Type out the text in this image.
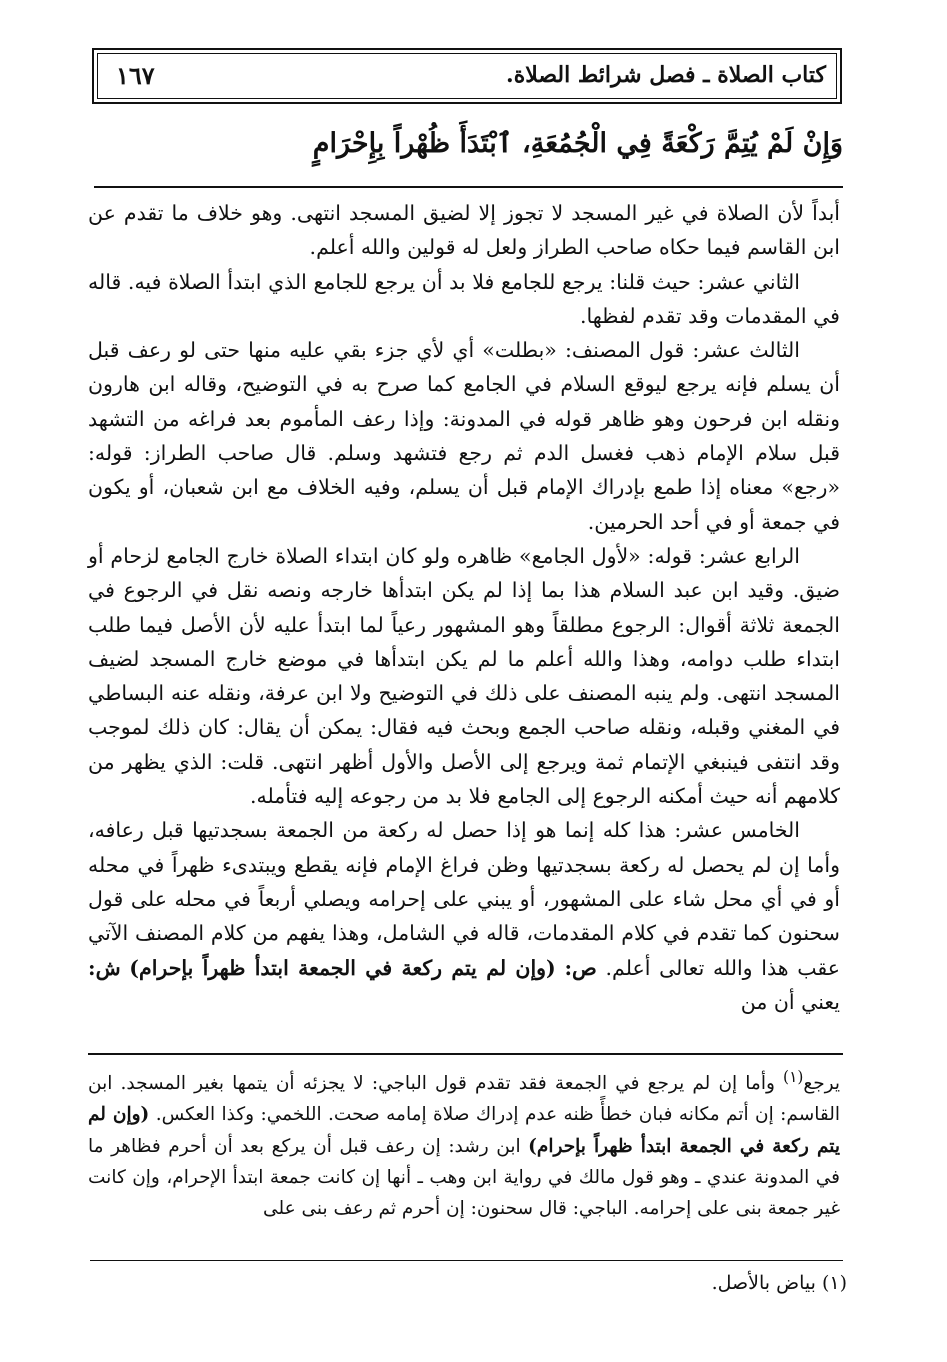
كتاب الصلاة ـ فصل شرائط الصلاة.
١٦٧
وَإِنْ لَمْ يُتِمَّ رَكْعَةً فِي الْجُمُعَةِ، ٱبْتَدَأَ ظُهْراً بِإِحْرَامٍ

أبداً لأن الصلاة في غير المسجد لا تجوز إلا لضيق المسجد انتهى. وهو خلاف ما تقدم عن ابن القاسم فيما حكاه صاحب الطراز ولعل له قولين والله أعلم.

الثاني عشر: حيث قلنا: يرجع للجامع فلا بد أن يرجع للجامع الذي ابتدأ الصلاة فيه. قاله في المقدمات وقد تقدم لفظها.

الثالث عشر: قول المصنف: «بطلت» أي لأي جزء بقي عليه منها حتى لو رعف قبل أن يسلم فإنه يرجع ليوقع السلام في الجامع كما صرح به في التوضيح، وقاله ابن هارون ونقله ابن فرحون وهو ظاهر قوله في المدونة: وإذا رعف المأموم بعد فراغه من التشهد قبل سلام الإمام ذهب فغسل الدم ثم رجع فتشهد وسلم. قال صاحب الطراز: قوله: «رجع» معناه إذا طمع بإدراك الإمام قبل أن يسلم، وفيه الخلاف مع ابن شعبان، أو يكون في جمعة أو في أحد الحرمين.

الرابع عشر: قوله: «لأول الجامع» ظاهره ولو كان ابتداء الصلاة خارج الجامع لزحام أو ضيق. وقيد ابن عبد السلام هذا بما إذا لم يكن ابتدأها خارجه ونصه نقل في الرجوع في الجمعة ثلاثة أقوال: الرجوع مطلقاً وهو المشهور رعياً لما ابتدأ عليه لأن الأصل فيما طلب ابتداء طلب دوامه، وهذا والله أعلم ما لم يكن ابتدأها في موضع خارج المسجد لضيف المسجد انتهى. ولم ينبه المصنف على ذلك في التوضيح ولا ابن عرفة، ونقله عنه البساطي في المغني وقبله، ونقله صاحب الجمع وبحث فيه فقال: يمكن أن يقال: كان ذلك لموجب وقد انتفى فينبغي الإتمام ثمة ويرجع إلى الأصل والأول أظهر انتهى. قلت: الذي يظهر من كلامهم أنه حيث أمكنه الرجوع إلى الجامع فلا بد من رجوعه إليه فتأمله.

الخامس عشر: هذا كله إنما هو إذا حصل له ركعة من الجمعة بسجدتيها قبل رعافه، وأما إن لم يحصل له ركعة بسجدتيها وظن فراغ الإمام فإنه يقطع ويبتدىء ظهراً في محله أو في أي محل شاء على المشهور، أو يبني على إحرامه ويصلي أربعاً في محله على قول سحنون كما تقدم في كلام المقدمات، قاله في الشامل، وهذا يفهم من كلام المصنف الآتي عقب هذا والله تعالى أعلم. ص: (وإن لم يتم ركعة في الجمعة ابتدأ ظهراً بإحرام) ش: يعني أن من

يرجع$^{(١)}$ وأما إن لم يرجع في الجمعة فقد تقدم قول الباجي: لا يجزئه أن يتمها بغير المسجد. ابن القاسم: إن أتم مكانه فبان خطأً ظنه عدم إدراك صلاة إمامه صحت. اللخمي: وكذا العكس. (وإن لم يتم ركعة في الجمعة ابتدأ ظهراً بإحرام) ابن رشد: إن رعف قبل أن يركع بعد أن أحرم فظاهر ما في المدونة عندي ـ وهو قول مالك في رواية ابن وهب ـ أنها إن كانت جمعة ابتدأ الإحرام، وإن كانت غير جمعة بنى على إحرامه. الباجي: قال سحنون: إن أحرم ثم رعف بنى على

(١) بياض بالأصل.
